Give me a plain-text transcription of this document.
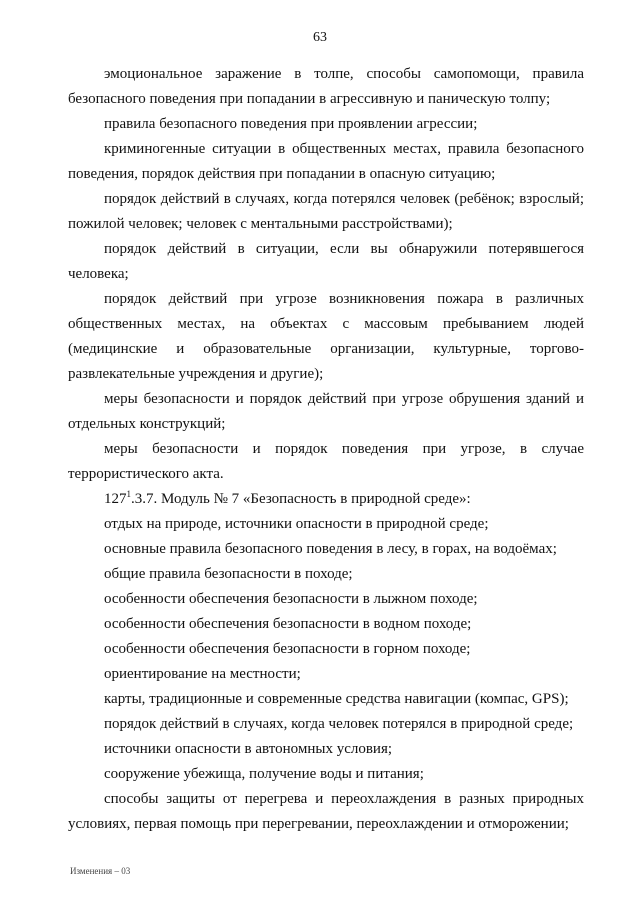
63

эмоциональное заражение в толпе, способы самопомощи, правила безопасного поведения при попадании в агрессивную и паническую толпу;

правила безопасного поведения при проявлении агрессии;

криминогенные ситуации в общественных местах, правила безопасного поведения, порядок действия при попадании в опасную ситуацию;

порядок действий в случаях, когда потерялся человек (ребёнок; взрослый; пожилой человек; человек с ментальными расстройствами);

порядок действий в ситуации, если вы обнаружили потерявшегося человека;

порядок действий при угрозе возникновения пожара в различных общественных местах, на объектах с массовым пребыванием людей (медицинские и образовательные организации, культурные, торгово-развлекательные учреждения и другие);

меры безопасности и порядок действий при угрозе обрушения зданий и отдельных конструкций;

меры безопасности и порядок поведения при угрозе, в случае террористического акта.

$127^1.3.7$. Модуль № 7 «Безопасность в природной среде»:

отдых на природе, источники опасности в природной среде;

основные правила безопасного поведения в лесу, в горах, на водоёмах;

общие правила безопасности в походе;

особенности обеспечения безопасности в лыжном походе;

особенности обеспечения безопасности в водном походе;

особенности обеспечения безопасности в горном походе;

ориентирование на местности;

карты, традиционные и современные средства навигации (компас, GPS);

порядок действий в случаях, когда человек потерялся в природной среде;

источники опасности в автономных условия;

сооружение убежища, получение воды и питания;

способы защиты от перегрева и переохлаждения в разных природных условиях, первая помощь при перегревании, переохлаждении и отморожении;

Изменения – 03
